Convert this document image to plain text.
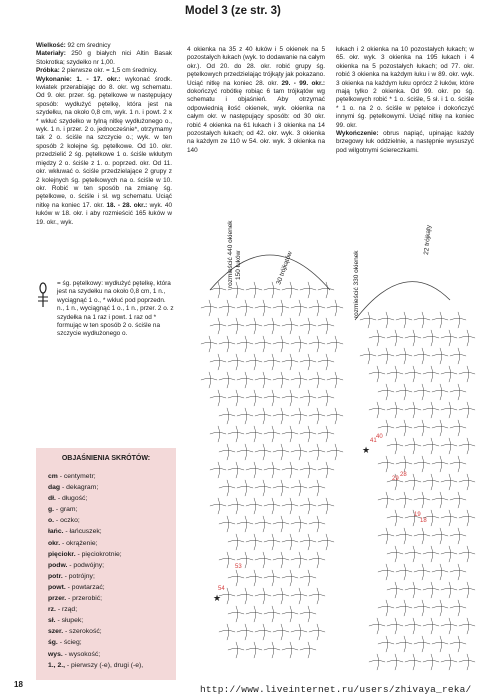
Model 3 (ze str. 3)

Wielkość: 92 cm średnicy

Materiały: 250 g białych nici Altin Basak Stokrotka; szydełko nr 1,00.

Próbka: 2 pierwsze okr. = 1,5 cm średnicy.

Wykonanie: 1. - 17. okr.: wykonać środk. kwiatek przerabiając do 8. okr. wg schematu. Od 9. okr. przer. śg. pętelkowe w następujący sposób: wydłużyć pętelkę, która jest na szydełku, na około 0,8 cm, wyk. 1 n. i powt. 2 x * wkłuć szydełko w tylną nitkę wydłużonego o., wyk. 1 n. i przer. 2 o. jednocześnie*, otrzymamy tak 2 o. ściśle na szczycie o.; wyk. w ten sposób 2 kolejne śg. pętelkowe. Od 10. okr. przedzielić 2 śg. pętelkowe 1 o. ściśle wkłutym między 2 o. ściśle z 1. o. poprzed. okr. Od 11. okr. wkłuwać o. ściśle przedzielające 2 grupy z 2 kolejnych śg. pętelkowych na o. ściśle w 10. okr. Robić w ten sposób na zmianę śg. pętelkowe, o. ściśle i sł. wg schematu. Uciąć nitkę na koniec 17. okr. 18. - 28. okr.: wyk. 40 łuków w 18. okr. i aby rozmieścić 165 łuków w 19. okr., wyk.

4 okienka na 35 z 40 łuków i 5 okienek na 5 pozostałych łukach (wyk. to dodawanie na całym okr.). Od 20. do 28. okr. robić grupy śg. pętelkowych przedzielając trójkąty jak pokazano. Uciąć nitkę na koniec 28. okr. 29. - 99. okr.: dokończyć robótkę robiąc 6 tam trójkątów wg schematu i objaśnień. Aby otrzymać odpowiednią ilość okienek, wyk. okienka na całym okr. w następujący sposób: od 30 okr. robić 4 okienka na 61 łukach i 3 okienka na 14 pozostałych łukach; od 42. okr. wyk. 3 okienka na każdym ze 110 w 54. okr. wyk. 3 okienka na 140

łukach i 2 okienka na 10 pozostałych łukach; w 65. okr. wyk. 3 okienka na 195 łukach i 4 okienka na 5 pozostałych łukach; od 77. okr. robić 3 okienka na każdym łuku i w 89. okr. wyk. 3 okienka na każdym łuku oprócz 2 łuków, które mają tylko 2 okienka. Od 99. okr. po śg. pętelkowych robić * 1 o. ściśle, 5 sł. i 1 o. ściśle * 1 o. na 2 o. ściśle w pętelce i dokończyć innymi śg. pętelkowymi. Uciąć nitkę na koniec 99. okr.

Wykończenie: obrus napiąć, upinając każdy brzegowy łuk oddzielnie, a następnie wysuszyć pod wilgotnymi ściereczkami.

= śg. pętelkowy: wydłużyć pętelkę, która jest na szydełku na około 0,8 cm, 1 n., wyciągnąć 1 o., * wkłuć pod poprzedn. n., 1 n., wyciągnąć 1 o., 1 n., przer. 2 o. z szydełka na 1 raz i powt. 1 raz od * formując w ten sposób 2 o. ściśle na szczycie wydłużonego o.
OBJAŚNIENIA SKRÓTÓW:
cm - centymetr;
dag - dekagram;
dł. - długość;
g. - gram;
o. - oczko;
łańc. - łańcuszek;
okr. - okrążenie;
pięciokr. - pięciokrotnie;
podw. - podwójny;
potr. - potrójny;
powt. - powtarzać;
przer. - przerobić;
rz. - rząd;
sł. - słupek;
szer. - szerokość;
śg. - ścieg;
wys. - wysokość;
1., 2., - pierwszy (-e), drugi (-e),
rozmieścić 440 okienek 150 łuków	30 trójkątów	rozmieścić 330 okienek
22 trójkąty
54
53
41
40
29
28
19
18
★
★
18	http://www.liveinternet.ru/users/zhivaya_reka/
